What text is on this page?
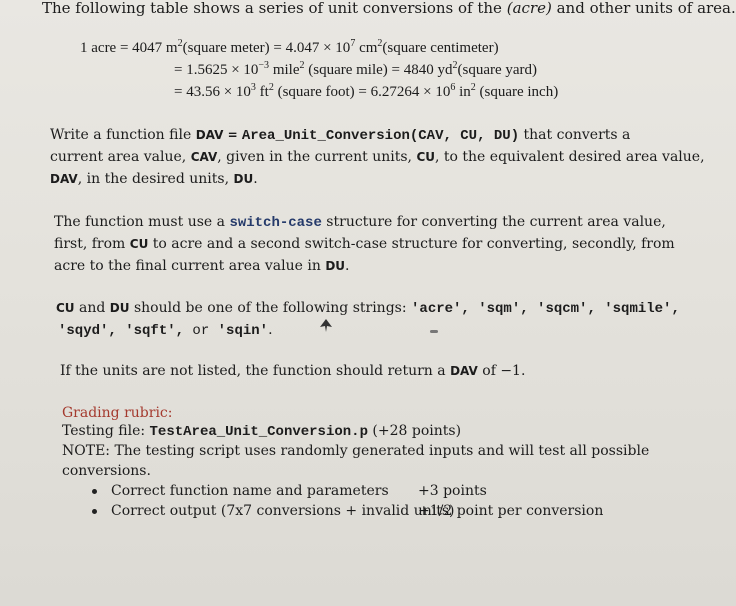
The following table shows a series of unit conversions of the (acre) and other units of area.
1 acre = 4047 $m^2(square$ meter) = $4.047 \times 10^7$ $cm^2(square$ centimeter)
= $1.5625 \times 10^{-3}$ mile$^2$ (square mile) = 4840 $yd^2(square$ yard)
= $43.56 \times 10^3$ $ft^2$ (square foot) = $6.27264 \times 10^6$ $in^2$ (square inch)
Write a function file DAV = Area_Unit_Conversion(CAV, CU, DU) that converts a
current area value, CAV, given in the current units, CU, to the equivalent desired area value,
DAV, in the desired units, DU.
The function must use a switch-case structure for converting the current area value,
first, from CU to acre and a second switch-case structure for converting, secondly, from
acre to the final current area value in DU.
CU and DU should be one of the following strings: 'acre', 'sqm', 'sqcm', 'sqmile',
'sqyd', 'sqft', or 'sqin'.
If the units are not listed, the function should return a DAV of −1.
Grading rubric:
Testing file: TestArea_Unit_Conversion.p (+28 points)
NOTE: The testing script uses randomly generated inputs and will test all possible
conversions.
Correct function name and parameters +3 points
Correct output (7x7 conversions + invalid units)
+1/2 point per conversion
